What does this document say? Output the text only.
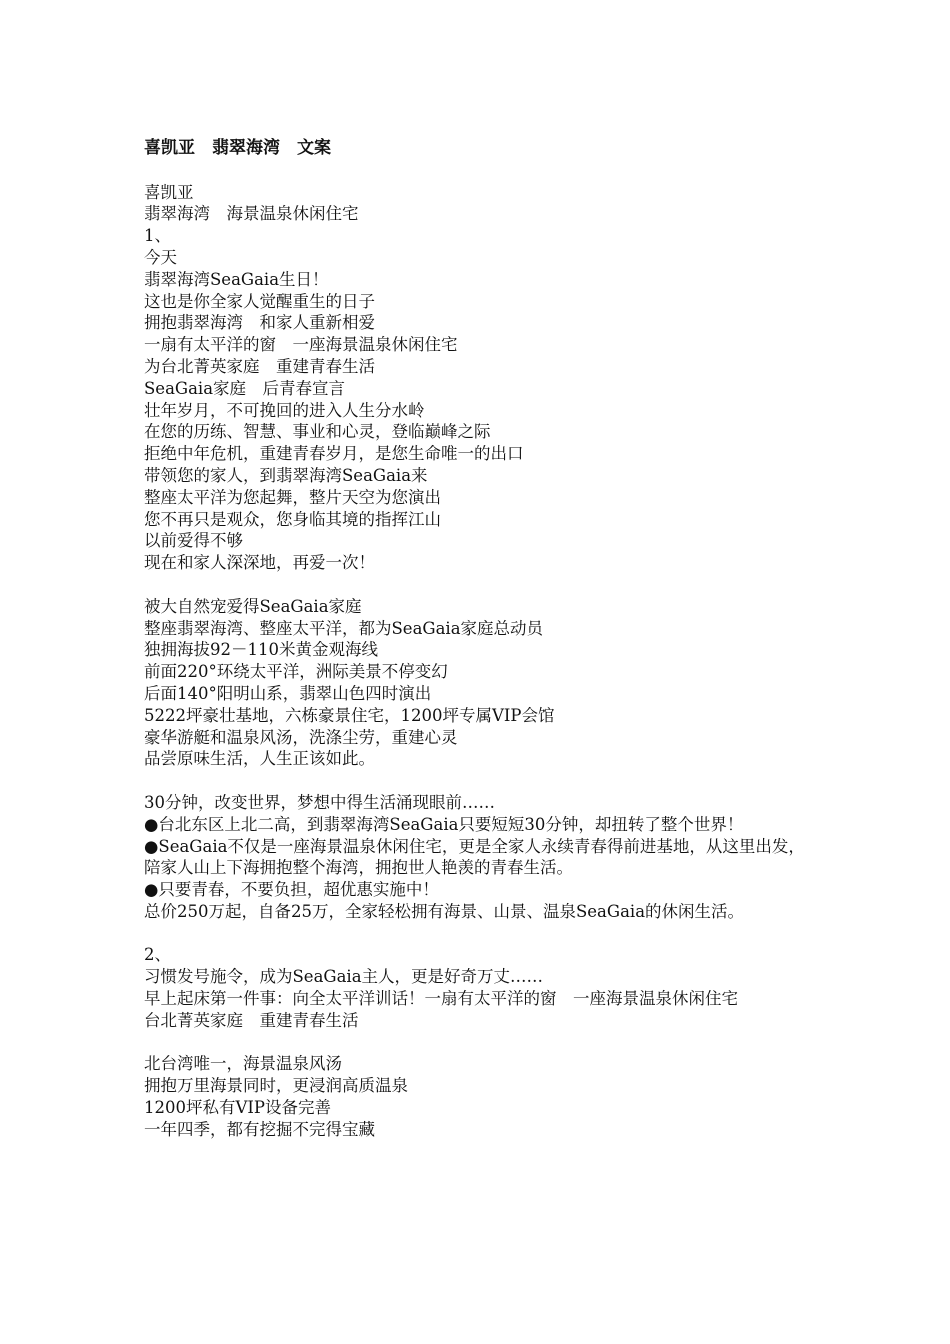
喜凯亚　翡翠海湾　文案
喜凯亚
翡翠海湾　海景温泉休闲住宅
1、
今天
翡翠海湾SeaGaia生日！
这也是你全家人觉醒重生的日子
拥抱翡翠海湾　和家人重新相爱
一扇有太平洋的窗　一座海景温泉休闲住宅
为台北菁英家庭　重建青春生活
SeaGaia家庭　后青春宣言
壮年岁月，不可挽回的进入人生分水岭
在您的历练、智慧、事业和心灵，登临巅峰之际
拒绝中年危机，重建青春岁月，是您生命唯一的出口
带领您的家人，到翡翠海湾SeaGaia来
整座太平洋为您起舞，整片天空为您演出
您不再只是观众，您身临其境的指挥江山
以前爱得不够
现在和家人深深地，再爱一次！
被大自然宠爱得SeaGaia家庭
整座翡翠海湾、整座太平洋，都为SeaGaia家庭总动员
独拥海拔92－110米黄金观海线
前面220°环绕太平洋，洲际美景不停变幻
后面140°阳明山系，翡翠山色四时演出
5222坪豪壮基地，六栋豪景住宅，1200坪专属VIP会馆
豪华游艇和温泉风汤，洗涤尘劳，重建心灵
品尝原味生活，人生正该如此。
30分钟，改变世界，梦想中得生活涌现眼前……
●台北东区上北二高，到翡翠海湾SeaGaia只要短短30分钟，却扭转了整个世界！
●SeaGaia不仅是一座海景温泉休闲住宅，更是全家人永续青春得前进基地，从这里出发，　陪家人山上下海拥抱整个海湾，拥抱世人艳羡的青春生活。
●只要青春，不要负担，超优惠实施中！
总价250万起，自备25万，全家轻松拥有海景、山景、温泉SeaGaia的休闲生活。
2、
习惯发号施令，成为SeaGaia主人，更是好奇万丈……
早上起床第一件事：向全太平洋训话！一扇有太平洋的窗　一座海景温泉休闲住宅
台北菁英家庭　重建青春生活
北台湾唯一，海景温泉风汤
拥抱万里海景同时，更浸润高质温泉
1200坪私有VIP设备完善
一年四季，都有挖掘不完得宝藏
